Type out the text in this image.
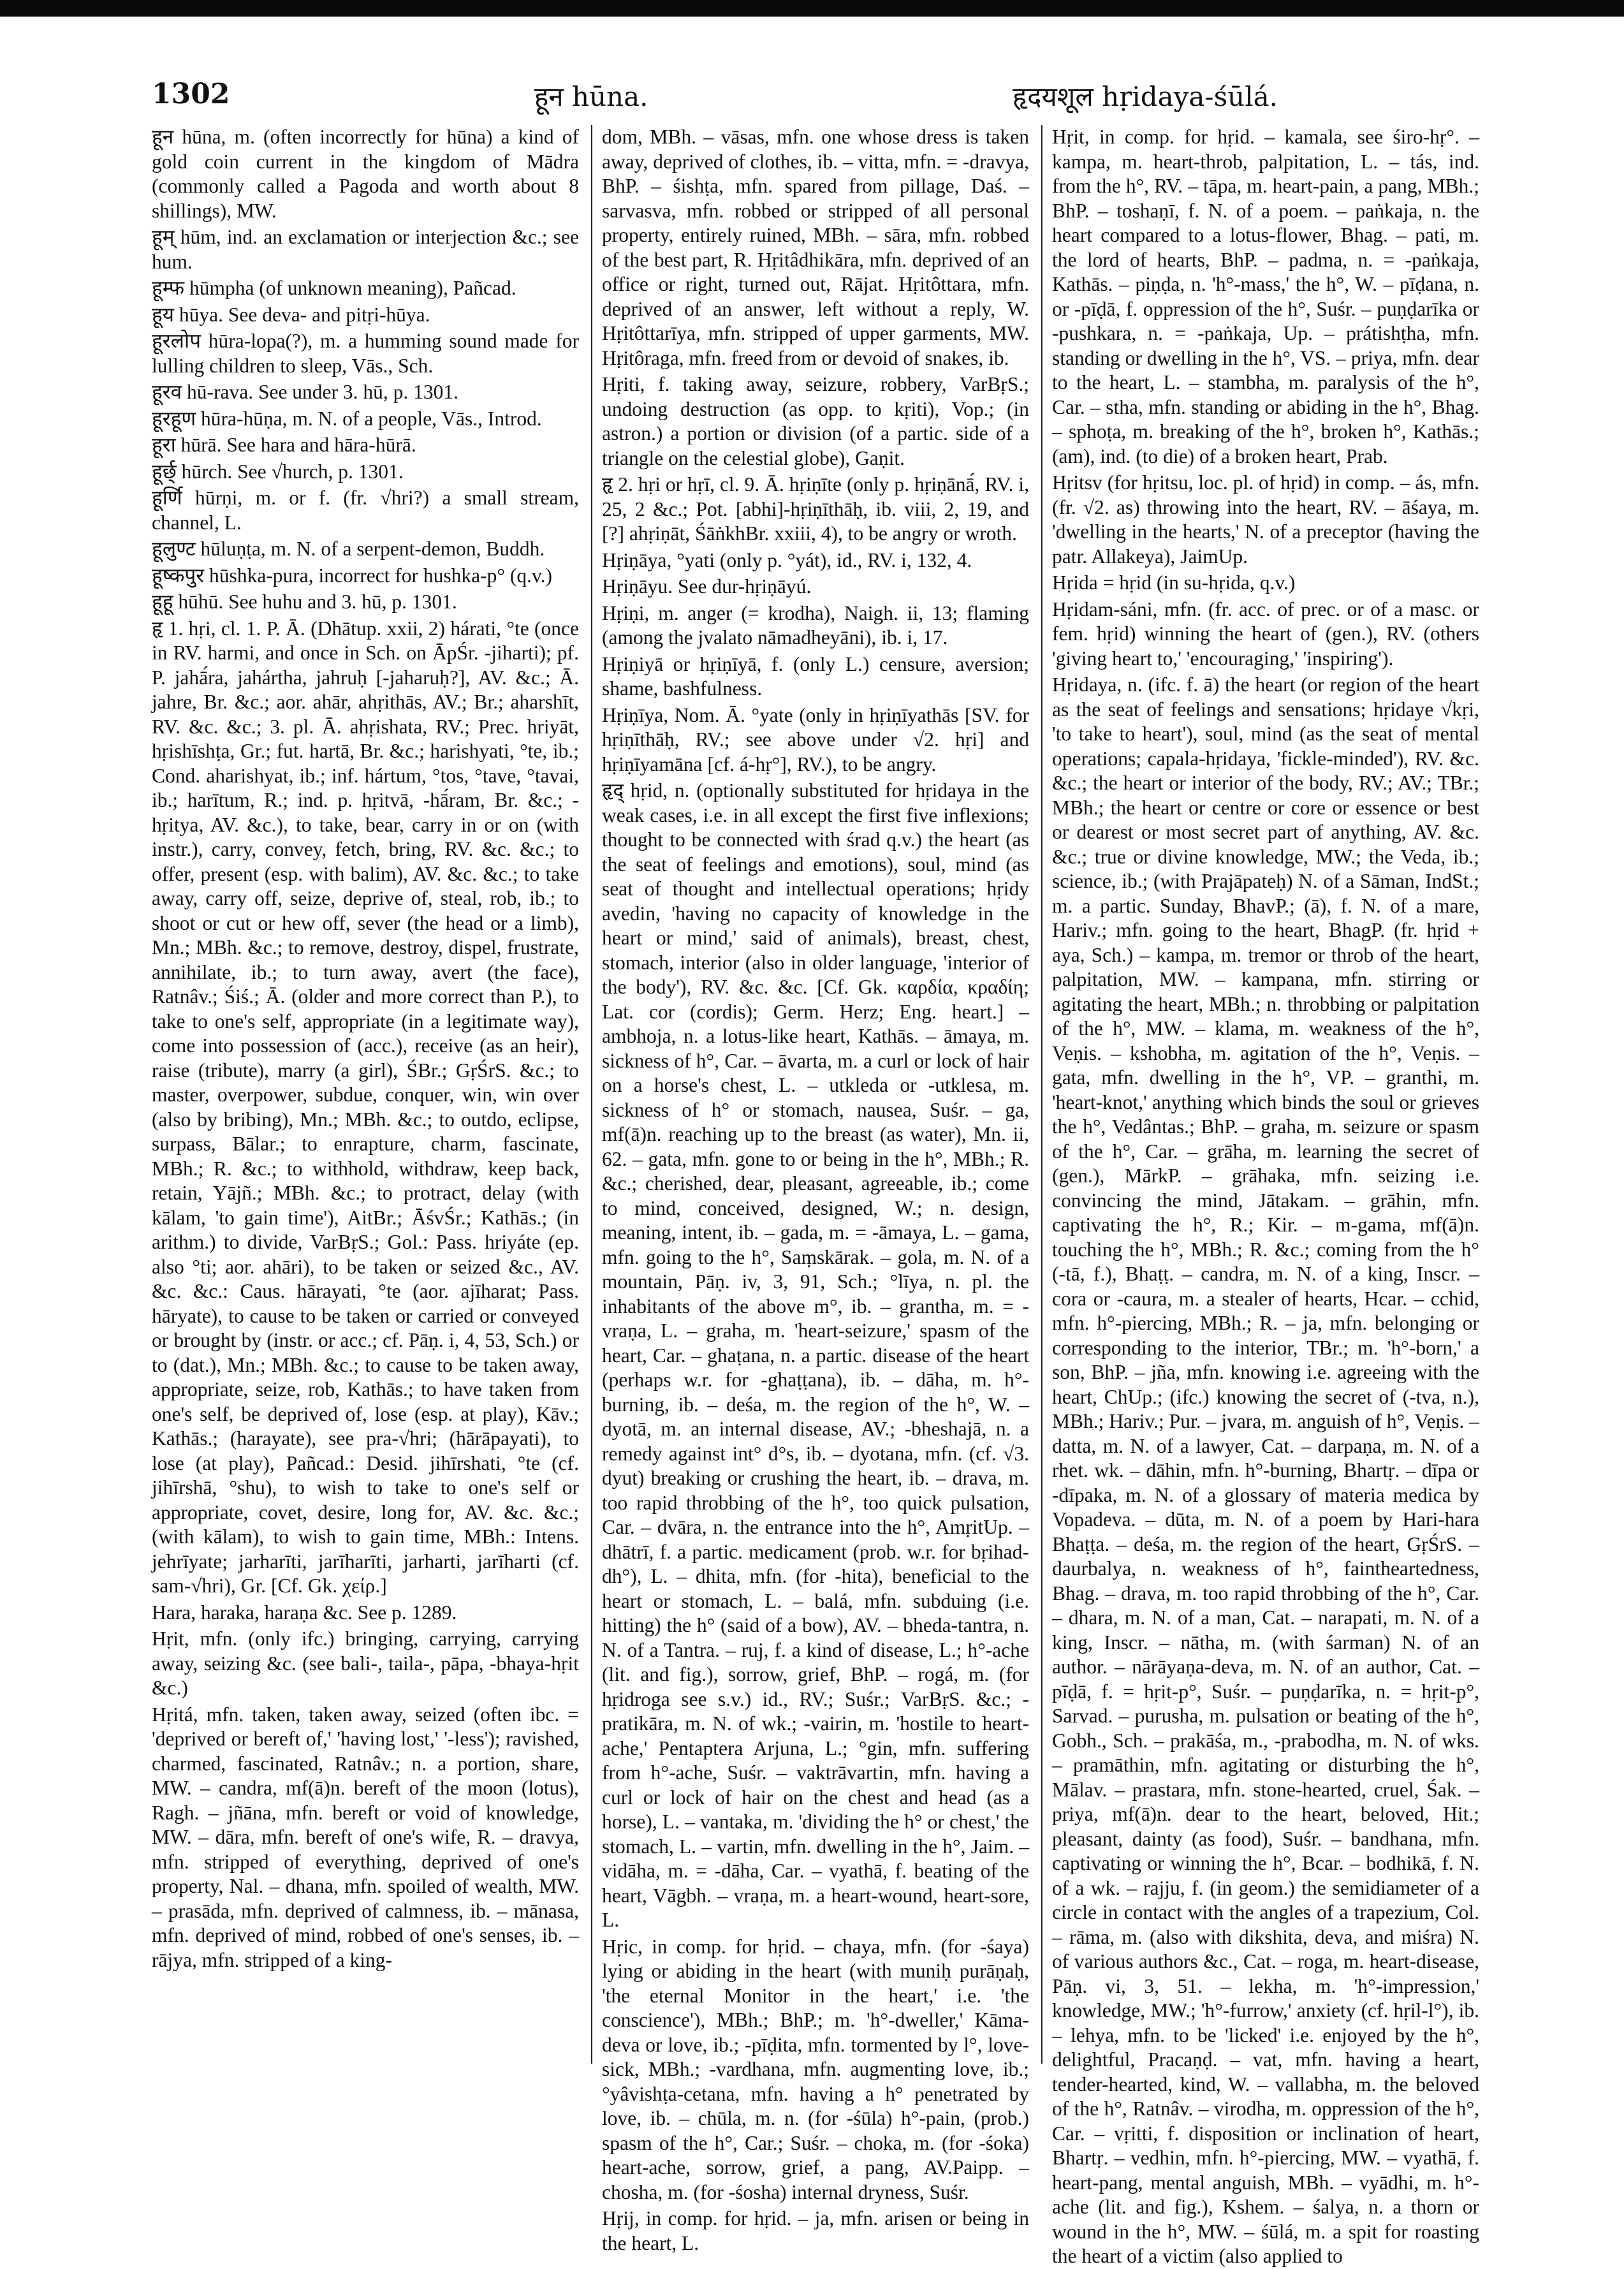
1302	हून hūna.	हृदयशूल hṛidaya-śūlá.

हून hūna, m. (often incorrectly for hūna) a kind of gold coin current in the kingdom of Mādra (commonly called a Pagoda and worth about 8 shillings), MW.

हूम् hūm, ind. an exclamation or interjection &c.; see hum.

हूम्फ hūmpha (of unknown meaning), Pañcad.

हूय hūya. See deva- and pitṛi-hūya.

हूरलोप hūra-lopa(?), m. a humming sound made for lulling children to sleep, Vās., Sch.

हूरव hū-rava. See under 3. hū, p. 1301.

हूरहूण hūra-hūṇa, m. N. of a people, Vās., Introd.

हूरा hūrā. See hara and hāra-hūrā.

हूर्छ् hūrch. See √hurch, p. 1301.

हूर्णि hūrṇi, m. or f. (fr. √hri?) a small stream, channel, L.

हूलुण्ट hūluṇṭa, m. N. of a serpent-demon, Buddh.

हूष्कपुर hūshka-pura, incorrect for hushka-p° (q.v.)

हूहू hūhū. See huhu and 3. hū, p. 1301.

हृ 1. hṛi, cl. 1. P. Ā. (Dhātup. xxii, 2) hárati, °te (once in RV. harmi, and once in Sch. on ĀpŚr. -jiharti); pf. P. jahā́ra, jahártha, jahruḥ [-jaharuḥ?], AV. &c.; Ā. jahre, Br. &c.; aor. ahār, ahṛithās, AV.; Br.; aharshīt, RV. &c. &c.; 3. pl. Ā. ahṛishata, RV.; Prec. hriyāt, hṛishīshṭa, Gr.; fut. hartā, Br. &c.; harishyati, °te, ib.; Cond. aharishyat, ib.; inf. hártum, °tos, °tave, °tavai, ib.; harītum, R.; ind. p. hṛitvā, -hā́ram, Br. &c.; -hṛitya, AV. &c.), to take, bear, carry in or on (with instr.), carry, convey, fetch, bring, RV. &c. &c.; to offer, present (esp. with balim), AV. &c. &c.; to take away, carry off, seize, deprive of, steal, rob, ib.; to shoot or cut or hew off, sever (the head or a limb), Mn.; MBh. &c.; to remove, destroy, dispel, frustrate, annihilate, ib.; to turn away, avert (the face), Ratnâv.; Śiś.; Ā. (older and more correct than P.), to take to one's self, appropriate (in a legitimate way), come into possession of (acc.), receive (as an heir), raise (tribute), marry (a girl), ŚBr.; GṛŚrS. &c.; to master, overpower, subdue, conquer, win, win over (also by bribing), Mn.; MBh. &c.; to outdo, eclipse, surpass, Bālar.; to enrapture, charm, fascinate, MBh.; R. &c.; to withhold, withdraw, keep back, retain, Yājñ.; MBh. &c.; to protract, delay (with kālam, 'to gain time'), AitBr.; ĀśvŚr.; Kathās.; (in arithm.) to divide, VarBṛS.; Gol.: Pass. hriyáte (ep. also °ti; aor. ahāri), to be taken or seized &c., AV. &c. &c.: Caus. hārayati, °te (aor. ajīharat; Pass. hāryate), to cause to be taken or carried or conveyed or brought by (instr. or acc.; cf. Pāṇ. i, 4, 53, Sch.) or to (dat.), Mn.; MBh. &c.; to cause to be taken away, appropriate, seize, rob, Kathās.; to have taken from one's self, be deprived of, lose (esp. at play), Kāv.; Kathās.; (harayate), see pra-√hri; (hārāpayati), to lose (at play), Pañcad.: Desid. jihīrshati, °te (cf. jihīrshā, °shu), to wish to take to one's self or appropriate, covet, desire, long for, AV. &c. &c.; (with kālam), to wish to gain time, MBh.: Intens. jehrīyate; jarharīti, jarīharīti, jarharti, jarīharti (cf. sam-√hri), Gr. [Cf. Gk. χείρ.]

Hara, haraka, haraṇa &c. See p. 1289.

Hṛit, mfn. (only ifc.) bringing, carrying, carrying away, seizing &c. (see bali-, taila-, pāpa, -bhaya-hṛit &c.)

Hṛitá, mfn. taken, taken away, seized (often ibc. = 'deprived or bereft of,' 'having lost,' '-less'); ravished, charmed, fascinated, Ratnâv.; n. a portion, share, MW. – candra, mf(ā)n. bereft of the moon (lotus), Ragh. – jñāna, mfn. bereft or void of knowledge, MW. – dāra, mfn. bereft of one's wife, R. – dravya, mfn. stripped of everything, deprived of one's property, Nal. – dhana, mfn. spoiled of wealth, MW. – prasāda, mfn. deprived of calmness, ib. – mānasa, mfn. deprived of mind, robbed of one's senses, ib. – rājya, mfn. stripped of a king-

dom, MBh. – vāsas, mfn. one whose dress is taken away, deprived of clothes, ib. – vitta, mfn. = -dravya, BhP. – śishṭa, mfn. spared from pillage, Daś. – sarvasva, mfn. robbed or stripped of all personal property, entirely ruined, MBh. – sāra, mfn. robbed of the best part, R. Hṛitâdhikāra, mfn. deprived of an office or right, turned out, Rājat. Hṛitôttara, mfn. deprived of an answer, left without a reply, W. Hṛitôttarīya, mfn. stripped of upper garments, MW. Hṛitôraga, mfn. freed from or devoid of snakes, ib.

Hṛiti, f. taking away, seizure, robbery, VarBṛS.; undoing destruction (as opp. to kṛiti), Vop.; (in astron.) a portion or division (of a partic. side of a triangle on the celestial globe), Gaṇit.

हृ 2. hṛi or hṛī, cl. 9. Ā. hṛiṇīte (only p. hṛiṇānā́, RV. i, 25, 2 &c.; Pot. [abhi]-hṛiṇīthāḥ, ib. viii, 2, 19, and [?] ahṛiṇāt, ŚāṅkhBr. xxiii, 4), to be angry or wroth.

Hṛiṇāya, °yati (only p. °yát), id., RV. i, 132, 4.

Hṛiṇāyu. See dur-hṛiṇāyú.

Hṛiṇi, m. anger (= krodha), Naigh. ii, 13; flaming (among the jvalato nāmadheyāni), ib. i, 17.

Hṛiṇiyā or hṛiṇīyā, f. (only L.) censure, aversion; shame, bashfulness.

Hṛiṇīya, Nom. Ā. °yate (only in hṛiṇīyathās [SV. for hṛiṇīthāḥ, RV.; see above under √2. hṛi] and hṛiṇīyamāna [cf. á-hṛ°], RV.), to be angry.

हृद् hṛid, n. (optionally substituted for hṛidaya in the weak cases, i.e. in all except the first five inflexions; thought to be connected with śrad q.v.) the heart (as the seat of feelings and emotions), soul, mind (as seat of thought and intellectual operations; hṛidy avedin, 'having no capacity of knowledge in the heart or mind,' said of animals), breast, chest, stomach, interior (also in older language, 'interior of the body'), RV. &c. &c. [Cf. Gk. καρδία, κραδίη; Lat. cor (cordis); Germ. Herz; Eng. heart.] – ambhoja, n. a lotus-like heart, Kathās. – āmaya, m. sickness of h°, Car. – āvarta, m. a curl or lock of hair on a horse's chest, L. – utkleda or -utklesa, m. sickness of h° or stomach, nausea, Suśr. – ga, mf(ā)n. reaching up to the breast (as water), Mn. ii, 62. – gata, mfn. gone to or being in the h°, MBh.; R. &c.; cherished, dear, pleasant, agreeable, ib.; come to mind, conceived, designed, W.; n. design, meaning, intent, ib. – gada, m. = -āmaya, L. – gama, mfn. going to the h°, Saṃskārak. – gola, m. N. of a mountain, Pāṇ. iv, 3, 91, Sch.; °līya, n. pl. the inhabitants of the above m°, ib. – grantha, m. = -vraṇa, L. – graha, m. 'heart-seizure,' spasm of the heart, Car. – ghaṭana, n. a partic. disease of the heart (perhaps w.r. for -ghaṭṭana), ib. – dāha, m. h°-burning, ib. – deśa, m. the region of the h°, W. – dyotā, m. an internal disease, AV.; -bheshajā, n. a remedy against int° d°s, ib. – dyotana, mfn. (cf. √3. dyut) breaking or crushing the heart, ib. – drava, m. too rapid throbbing of the h°, too quick pulsation, Car. – dvāra, n. the entrance into the h°, AmṛitUp. – dhātrī, f. a partic. medicament (prob. w.r. for bṛihad-dh°), L. – dhita, mfn. (for -hita), beneficial to the heart or stomach, L. – balá, mfn. subduing (i.e. hitting) the h° (said of a bow), AV. – bheda-tantra, n. N. of a Tantra. – ruj, f. a kind of disease, L.; h°-ache (lit. and fig.), sorrow, grief, BhP. – rogá, m. (for hṛidroga see s.v.) id., RV.; Suśr.; VarBṛS. &c.; -pratikāra, m. N. of wk.; -vairin, m. 'hostile to heart-ache,' Pentaptera Arjuna, L.; °gin, mfn. suffering from h°-ache, Suśr. – vaktrāvartin, mfn. having a curl or lock of hair on the chest and head (as a horse), L. – vantaka, m. 'dividing the h° or chest,' the stomach, L. – vartin, mfn. dwelling in the h°, Jaim. – vidāha, m. = -dāha, Car. – vyathā, f. beating of the heart, Vāgbh. – vraṇa, m. a heart-wound, heart-sore, L.

Hṛic, in comp. for hṛid. – chaya, mfn. (for -śaya) lying or abiding in the heart (with muniḥ purāṇaḥ, 'the eternal Monitor in the heart,' i.e. 'the conscience'), MBh.; BhP.; m. 'h°-dweller,' Kāma-deva or love, ib.; -pīḍita, mfn. tormented by l°, love-sick, MBh.; -vardhana, mfn. augmenting love, ib.; °yâvishṭa-cetana, mfn. having a h° penetrated by love, ib. – chūla, m. n. (for -śūla) h°-pain, (prob.) spasm of the h°, Car.; Suśr. – choka, m. (for -śoka) heart-ache, sorrow, grief, a pang, AV.Paipp. – chosha, m. (for -śosha) internal dryness, Suśr.

Hṛij, in comp. for hṛid. – ja, mfn. arisen or being in the heart, L.

Hṛit, in comp. for hṛid. – kamala, see śiro-hṛ°. – kampa, m. heart-throb, palpitation, L. – tás, ind. from the h°, RV. – tāpa, m. heart-pain, a pang, MBh.; BhP. – toshaṇī, f. N. of a poem. – paṅkaja, n. the heart compared to a lotus-flower, Bhag. – pati, m. the lord of hearts, BhP. – padma, n. = -paṅkaja, Kathās. – piṇḍa, n. 'h°-mass,' the h°, W. – pīḍana, n. or -pīḍā, f. oppression of the h°, Suśr. – puṇḍarīka or -pushkara, n. = -paṅkaja, Up. – prátishṭha, mfn. standing or dwelling in the h°, VS. – priya, mfn. dear to the heart, L. – stambha, m. paralysis of the h°, Car. – stha, mfn. standing or abiding in the h°, Bhag. – sphoṭa, m. breaking of the h°, broken h°, Kathās.; (am), ind. (to die) of a broken heart, Prab.

Hṛitsv (for hṛitsu, loc. pl. of hṛid) in comp. – ás, mfn. (fr. √2. as) throwing into the heart, RV. – āśaya, m. 'dwelling in the hearts,' N. of a preceptor (having the patr. Allakeya), JaimUp.

Hṛida = hṛid (in su-hṛida, q.v.)

Hṛidam-sáni, mfn. (fr. acc. of prec. or of a masc. or fem. hṛid) winning the heart of (gen.), RV. (others 'giving heart to,' 'encouraging,' 'inspiring').

Hṛidaya, n. (ifc. f. ā) the heart (or region of the heart as the seat of feelings and sensations; hṛidaye √kṛi, 'to take to heart'), soul, mind (as the seat of mental operations; capala-hṛidaya, 'fickle-minded'), RV. &c. &c.; the heart or interior of the body, RV.; AV.; TBr.; MBh.; the heart or centre or core or essence or best or dearest or most secret part of anything, AV. &c. &c.; true or divine knowledge, MW.; the Veda, ib.; science, ib.; (with Prajāpateḥ) N. of a Sāman, IndSt.; m. a partic. Sunday, BhavP.; (ā), f. N. of a mare, Hariv.; mfn. going to the heart, BhagP. (fr. hṛid + aya, Sch.) – kampa, m. tremor or throb of the heart, palpitation, MW. – kampana, mfn. stirring or agitating the heart, MBh.; n. throbbing or palpitation of the h°, MW. – klama, m. weakness of the h°, Veṇis. – kshobha, m. agitation of the h°, Veṇis. – gata, mfn. dwelling in the h°, VP. – granthi, m. 'heart-knot,' anything which binds the soul or grieves the h°, Vedântas.; BhP. – graha, m. seizure or spasm of the h°, Car. – grāha, m. learning the secret of (gen.), MārkP. – grāhaka, mfn. seizing i.e. convincing the mind, Jātakam. – grāhin, mfn. captivating the h°, R.; Kir. – m-gama, mf(ā)n. touching the h°, MBh.; R. &c.; coming from the h° (-tā, f.), Bhaṭṭ. – candra, m. N. of a king, Inscr. – cora or -caura, m. a stealer of hearts, Hcar. – cchid, mfn. h°-piercing, MBh.; R. – ja, mfn. belonging or corresponding to the interior, TBr.; m. 'h°-born,' a son, BhP. – jña, mfn. knowing i.e. agreeing with the heart, ChUp.; (ifc.) knowing the secret of (-tva, n.), MBh.; Hariv.; Pur. – jvara, m. anguish of h°, Veṇis. – datta, m. N. of a lawyer, Cat. – darpaṇa, m. N. of a rhet. wk. – dāhin, mfn. h°-burning, Bhartṛ. – dīpa or -dīpaka, m. N. of a glossary of materia medica by Vopadeva. – dūta, m. N. of a poem by Hari-hara Bhaṭṭa. – deśa, m. the region of the heart, GṛŚrS. – daurbalya, n. weakness of h°, faintheartedness, Bhag. – drava, m. too rapid throbbing of the h°, Car. – dhara, m. N. of a man, Cat. – narapati, m. N. of a king, Inscr. – nātha, m. (with śarman) N. of an author. – nārāyaṇa-deva, m. N. of an author, Cat. – pīḍā, f. = hṛit-p°, Suśr. – puṇḍarīka, n. = hṛit-p°, Sarvad. – purusha, m. pulsation or beating of the h°, Gobh., Sch. – prakāśa, m., -prabodha, m. N. of wks. – pramāthin, mfn. agitating or disturbing the h°, Mālav. – prastara, mfn. stone-hearted, cruel, Śak. – priya, mf(ā)n. dear to the heart, beloved, Hit.; pleasant, dainty (as food), Suśr. – bandhana, mfn. captivating or winning the h°, Bcar. – bodhikā, f. N. of a wk. – rajju, f. (in geom.) the semidiameter of a circle in contact with the angles of a trapezium, Col. – rāma, m. (also with dikshita, deva, and miśra) N. of various authors &c., Cat. – roga, m. heart-disease, Pāṇ. vi, 3, 51. – lekha, m. 'h°-impression,' knowledge, MW.; 'h°-furrow,' anxiety (cf. hṛil-l°), ib. – lehya, mfn. to be 'licked' i.e. enjoyed by the h°, delightful, Pracaṇḍ. – vat, mfn. having a heart, tender-hearted, kind, W. – vallabha, m. the beloved of the h°, Ratnâv. – virodha, m. oppression of the h°, Car. – vṛitti, f. disposition or inclination of heart, Bhartṛ. – vedhin, mfn. h°-piercing, MW. – vyathā, f. heart-pang, mental anguish, MBh. – vyādhi, m. h°-ache (lit. and fig.), Kshem. – śalya, n. a thorn or wound in the h°, MW. – śūlá, m. a spit for roasting the heart of a victim (also applied to
